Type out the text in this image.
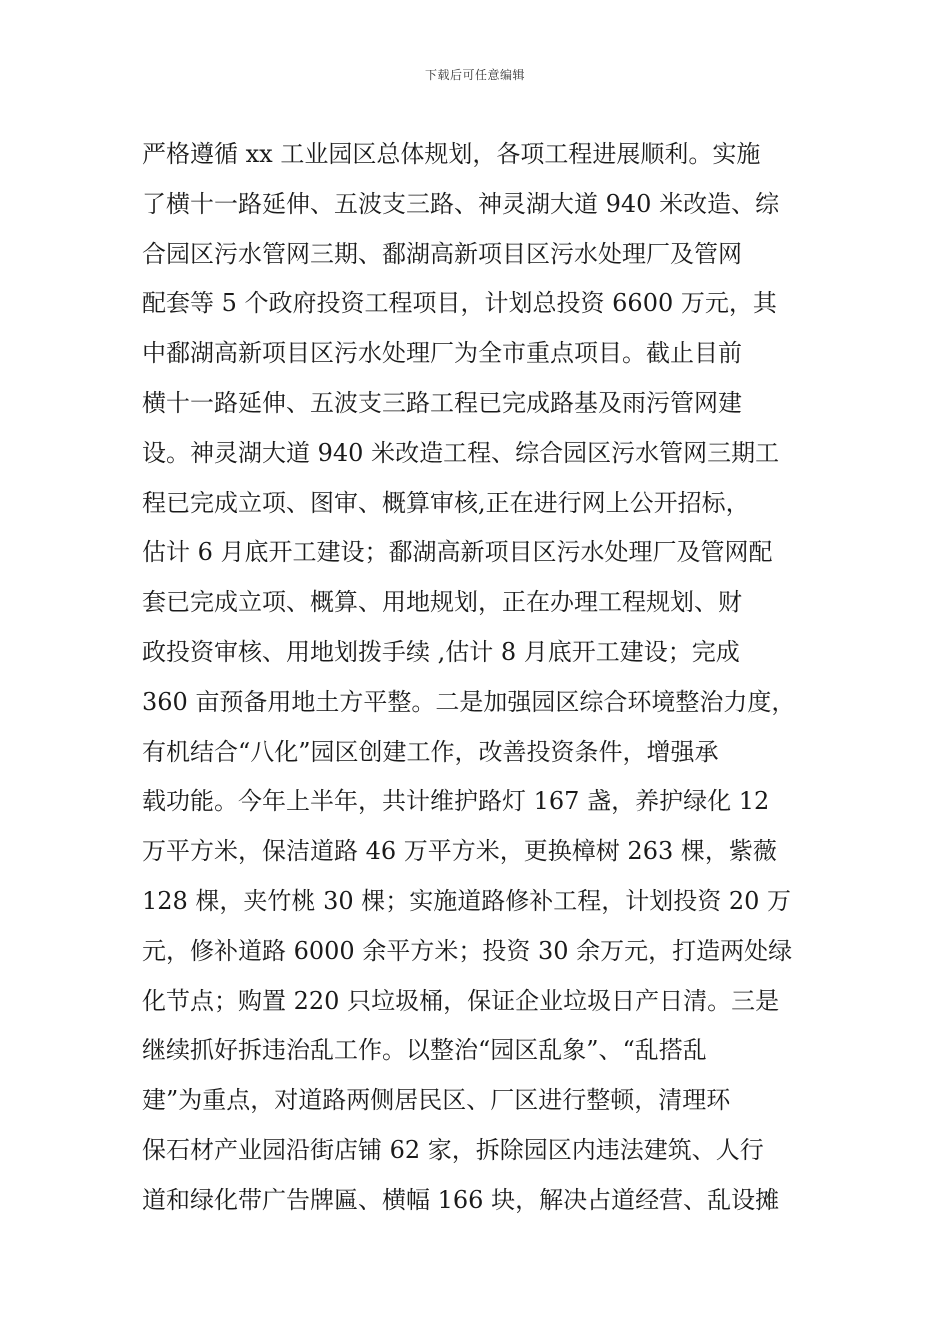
下载后可任意编辑
严格遵循 xx 工业园区总体规划，各项工程进展顺利。实施
了横十一路延伸、五波支三路、神灵湖大道 940 米改造、综
合园区污水管网三期、鄱湖高新项目区污水处理厂及管网
配套等 5 个政府投资工程项目，计划总投资 6600 万元，其
中鄱湖高新项目区污水处理厂为全市重点项目。截止目前
横十一路延伸、五波支三路工程已完成路基及雨污管网建
设。神灵湖大道 940 米改造工程、综合园区污水管网三期工
程已完成立项、图审、概算审核,正在进行网上公开招标，
估计 6 月底开工建设；鄱湖高新项目区污水处理厂及管网配
套已完成立项、概算、用地规划，正在办理工程规划、财
政投资审核、用地划拨手续 ,估计 8 月底开工建设；完成
360 亩预备用地土方平整。二是加强园区综合环境整治力度，
有机结合“八化”园区创建工作，改善投资条件，增强承
载功能。今年上半年，共计维护路灯 167 盏，养护绿化 12
万平方米，保洁道路 46 万平方米，更换樟树 263 棵，紫薇
128 棵，夹竹桃 30 棵；实施道路修补工程，计划投资 20 万
元，修补道路 6000 余平方米；投资 30 余万元，打造两处绿
化节点；购置 220 只垃圾桶，保证企业垃圾日产日清。三是
继续抓好拆违治乱工作。以整治“园区乱象”、“乱搭乱
建”为重点，对道路两侧居民区、厂区进行整顿，清理环
保石材产业园沿街店铺 62 家，拆除园区内违法建筑、人行
道和绿化带广告牌匾、横幅 166 块，解决占道经营、乱设摊
